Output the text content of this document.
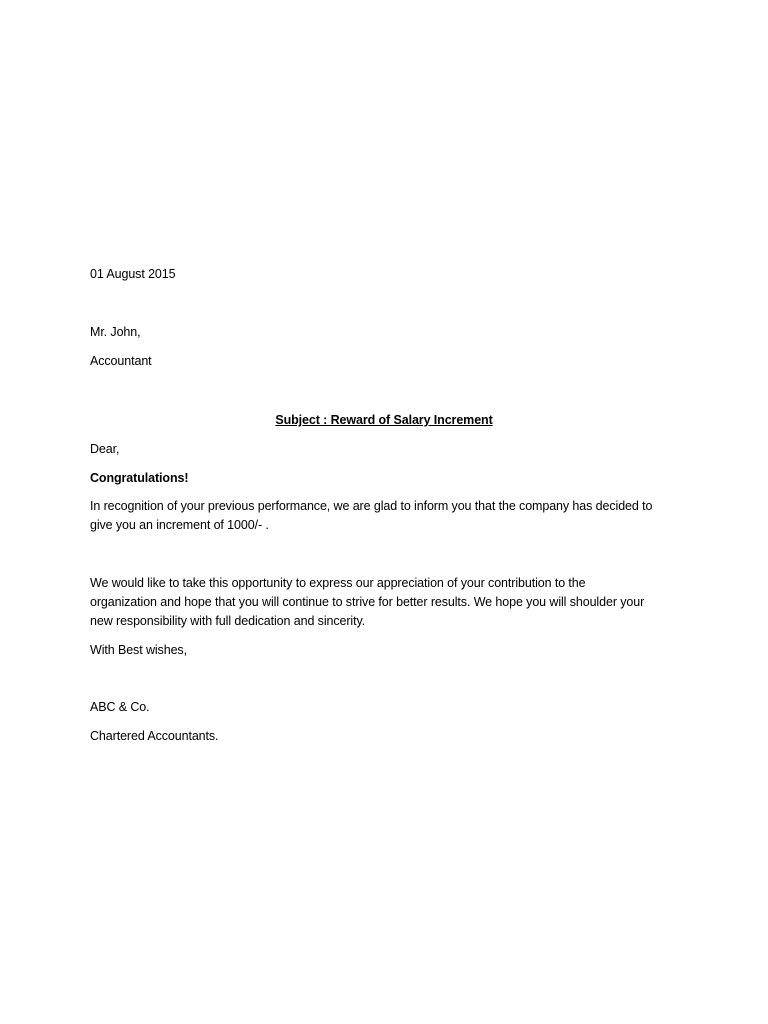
01 August 2015
Mr. John,
Accountant
Subject : Reward of Salary Increment
Dear,
Congratulations!
In recognition of your previous performance, we are glad to inform you that the company has decided to
give you an increment of 1000/- .
We would like to take this opportunity to express our appreciation of your contribution to the
organization and hope that you will continue to strive for better results. We hope you will shoulder your
new responsibility with full dedication and sincerity.
With Best wishes,
ABC & Co.
Chartered Accountants.
